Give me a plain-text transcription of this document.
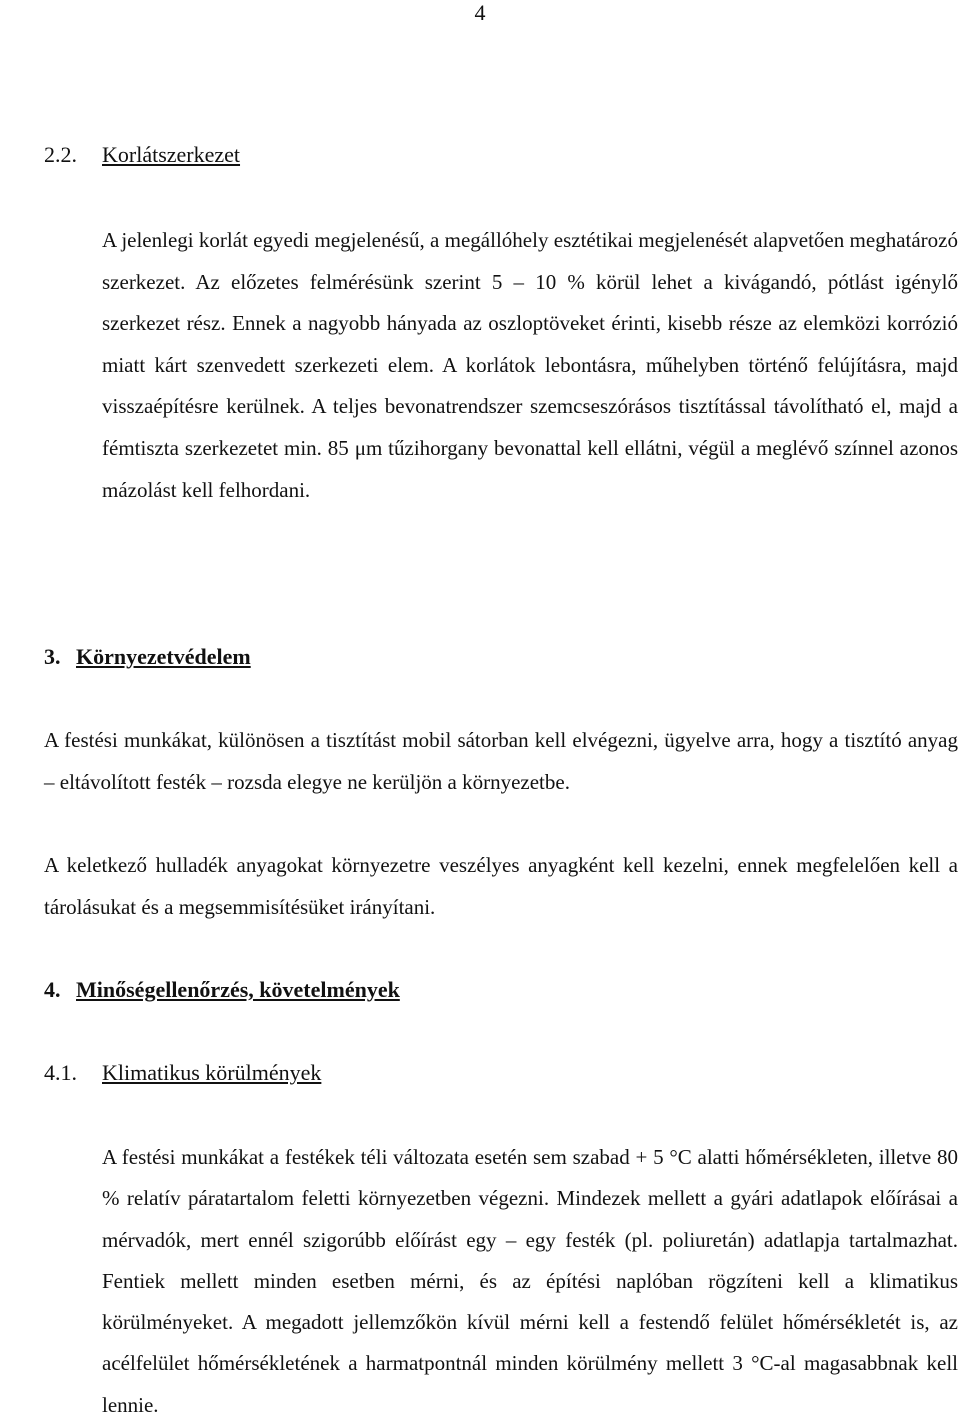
4
2.2. Korlátszerkezet

A jelenlegi korlát egyedi megjelenésű, a megállóhely esztétikai megjelenését alapvetően meghatározó szerkezet. Az előzetes felmérésünk szerint 5 – 10 % körül lehet a kivágandó, pótlást igénylő szerkezet rész. Ennek a nagyobb hányada az oszloptöveket érinti, kisebb része az elemközi korrózió miatt kárt szenvedett szerkezeti elem. A korlátok lebontásra, műhelyben történő felújításra, majd visszaépítésre kerülnek. A teljes bevonatrendszer szemcseszórásos tisztítással távolítható el, majd a fémtiszta szerkezetet min. 85 μm tűzihorgany bevonattal kell ellátni, végül a meglévő színnel azonos mázolást kell felhordani.

3. Környezetvédelem

A festési munkákat, különösen a tisztítást mobil sátorban kell elvégezni, ügyelve arra, hogy a tisztító anyag – eltávolított festék – rozsda elegye ne kerüljön a környezetbe.

A keletkező hulladék anyagokat környezetre veszélyes anyagként kell kezelni, ennek megfelelően kell a tárolásukat és a megsemmisítésüket irányítani.

4. Minőségellenőrzés, követelmények
4.1. Klimatikus körülmények

A festési munkákat a festékek téli változata esetén sem szabad + 5 °C alatti hőmérsékleten, illetve 80 % relatív páratartalom feletti környezetben végezni. Mindezek mellett a gyári adatlapok előírásai a mérvadók, mert ennél szigorúbb előírást egy – egy festék (pl. poliuretán) adatlapja tartalmazhat. Fentiek mellett minden esetben mérni, és az építési naplóban rögzíteni kell a klimatikus körülményeket. A megadott jellemzőkön kívül mérni kell a festendő felület hőmérsékletét is, az acélfelület hőmérsékletének a harmatpontnál minden körülmény mellett 3 °C-al magasabbnak kell lennie.
